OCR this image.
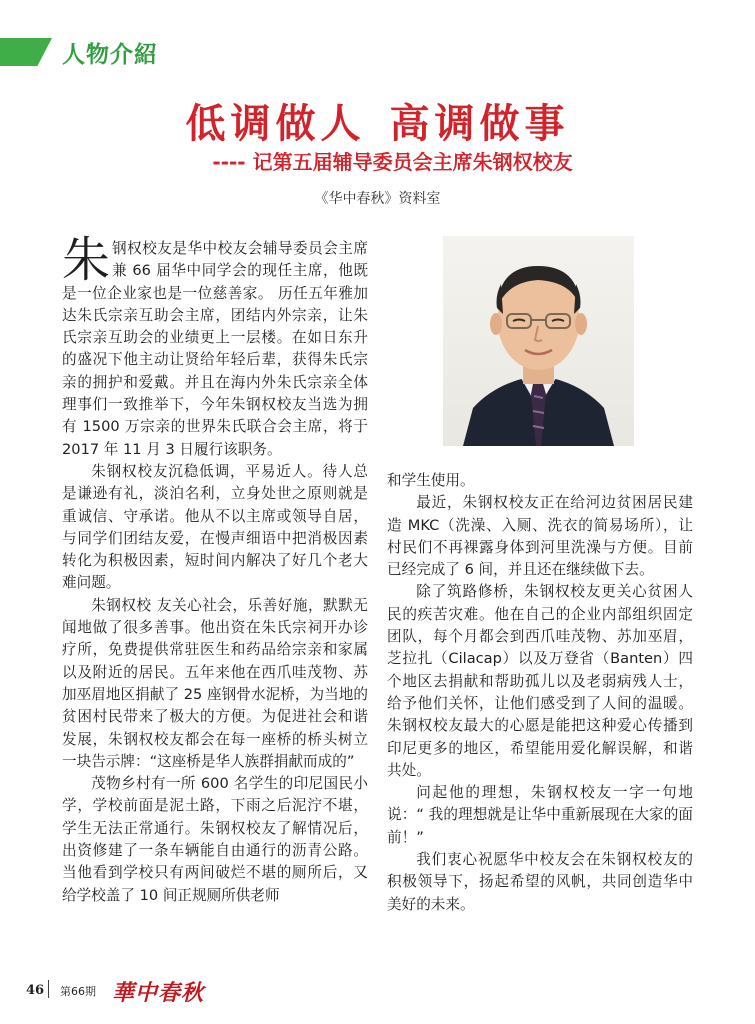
人物介紹
低调做人 高调做事
---- 记第五届辅导委员会主席朱钢权校友
《华中春秋》资料室

朱钢权校友是华中校友会辅导委员会主席兼 66 届华中同学会的现任主席，他既是一位企业家也是一位慈善家。 历任五年雅加达朱氏宗亲互助会主席，团结内外宗亲，让朱氏宗亲互助会的业绩更上一层楼。在如日东升的盛况下他主动让贤给年轻后辈，获得朱氏宗亲的拥护和爱戴。并且在海内外朱氏宗亲全体理事们一致推举下，今年朱钢权校友当选为拥有 1500 万宗亲的世界朱氏联合会主席，将于 2017 年 11 月 3 日履行该职务。

朱钢权校友沉稳低调，平易近人。待人总是谦逊有礼，淡泊名利，立身处世之原则就是重诚信、守承诺。他从不以主席或领导自居，与同学们团结友爱，在慢声细语中把消极因素转化为积极因素，短时间内解决了好几个老大难问题。

朱钢权校 友关心社会，乐善好施，默默无闻地做了很多善事。他出资在朱氏宗祠开办诊疗所，免费提供常驻医生和药品给宗亲和家属以及附近的居民。五年来他在西爪哇茂物、苏加巫眉地区捐献了 25 座钢骨水泥桥，为当地的贫困村民带来了极大的方便。为促进社会和谐发展，朱钢权校友都会在每一座桥的桥头树立一块告示牌：“这座桥是华人族群捐献而成的”

茂物乡村有一所 600 名学生的印尼国民小学，学校前面是泥土路，下雨之后泥泞不堪，学生无法正常通行。朱钢权校友了解情况后，出资修建了一条车辆能自由通行的沥青公路。当他看到学校只有两间破烂不堪的厕所后，又给学校盖了 10 间正规厕所供老师

和学生使用。

最近，朱钢权校友正在给河边贫困居民建造 MKC（洗澡、入厕、洗衣的简易场所），让村民们不再裸露身体到河里洗澡与方便。目前已经完成了 6 间，并且还在继续做下去。

除了筑路修桥，朱钢权校友更关心贫困人民的疾苦灾难。他在自己的企业内部组织固定团队，每个月都会到西爪哇茂物、苏加巫眉，芝拉扎（Cilacap）以及万登省（Banten）四个地区去捐献和帮助孤儿以及老弱病残人士，给予他们关怀，让他们感受到了人间的温暖。朱钢权校友最大的心愿是能把这种爱心传播到印尼更多的地区，希望能用爱化解误解，和谐共处。

问起他的理想，朱钢权校友一字一句地说：“ 我的理想就是让华中重新展现在大家的面前！”

我们衷心祝愿华中校友会在朱钢权校友的积极领导下，扬起希望的风帆，共同创造华中美好的未来。

46 第66期 華中春秋
